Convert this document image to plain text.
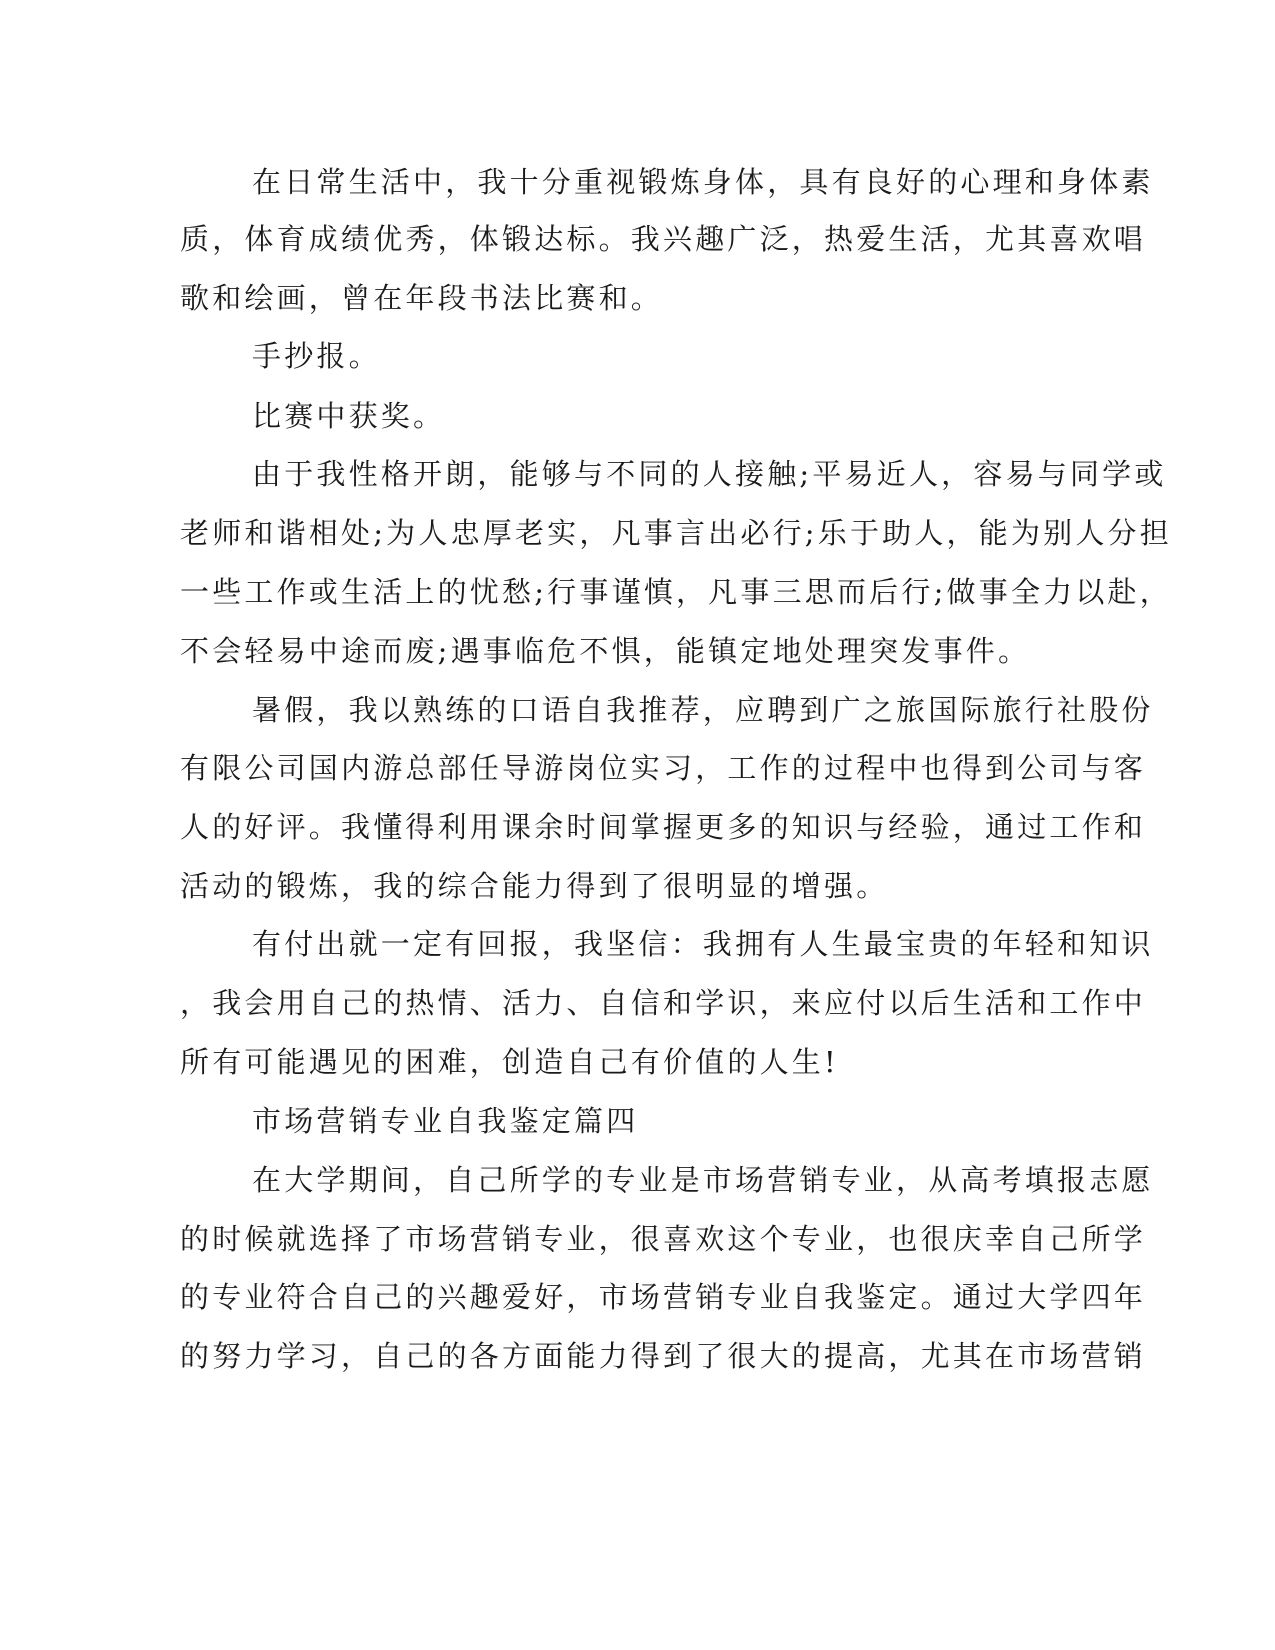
在日常生活中，我十分重视锻炼身体，具有良好的心理和身体素
质，体育成绩优秀，体锻达标。我兴趣广泛，热爱生活，尤其喜欢唱
歌和绘画，曾在年段书法比赛和。
手抄报。
比赛中获奖。
由于我性格开朗，能够与不同的人接触;平易近人，容易与同学或
老师和谐相处;为人忠厚老实，凡事言出必行;乐于助人，能为别人分担
一些工作或生活上的忧愁;行事谨慎，凡事三思而后行;做事全力以赴，
不会轻易中途而废;遇事临危不惧，能镇定地处理突发事件。
暑假，我以熟练的口语自我推荐，应聘到广之旅国际旅行社股份
有限公司国内游总部任导游岗位实习，工作的过程中也得到公司与客
人的好评。我懂得利用课余时间掌握更多的知识与经验，通过工作和
活动的锻炼，我的综合能力得到了很明显的增强。
有付出就一定有回报，我坚信：我拥有人生最宝贵的年轻和知识
，我会用自己的热情、活力、自信和学识，来应付以后生活和工作中
所有可能遇见的困难，创造自己有价值的人生!
市场营销专业自我鉴定篇四
在大学期间，自己所学的专业是市场营销专业，从高考填报志愿
的时候就选择了市场营销专业，很喜欢这个专业，也很庆幸自己所学
的专业符合自己的兴趣爱好，市场营销专业自我鉴定。通过大学四年
的努力学习，自己的各方面能力得到了很大的提高，尤其在市场营销
